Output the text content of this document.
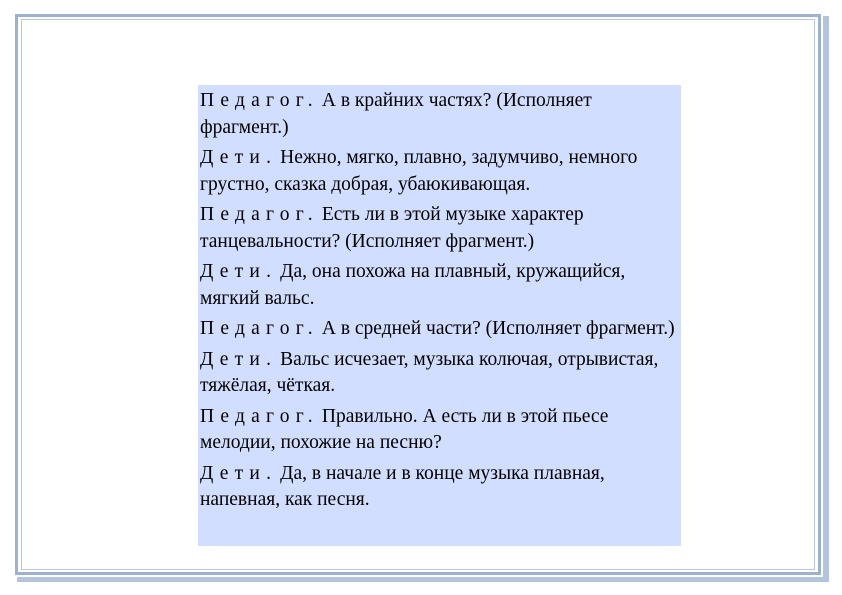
Педагог. А в крайних частях? (Исполняет фрагмент.)

Дети. Нежно, мягко, плавно, задумчиво, немного грустно, сказка добрая, убаюкивающая.

Педагог. Есть ли в этой музыке характер танцевальности? (Исполняет фрагмент.)

Дети. Да, она похожа на плавный, кружащийся, мягкий вальс.

Педагог. А в средней части? (Исполняет фрагмент.)

Дети. Вальс исчезает, музыка колючая, отрывистая, тяжёлая, чёткая.

Педагог. Правильно. А есть ли в этой пьесе мелодии, похожие на песню?

Дети. Да, в начале и в конце музыка плавная, напевная, как песня.
